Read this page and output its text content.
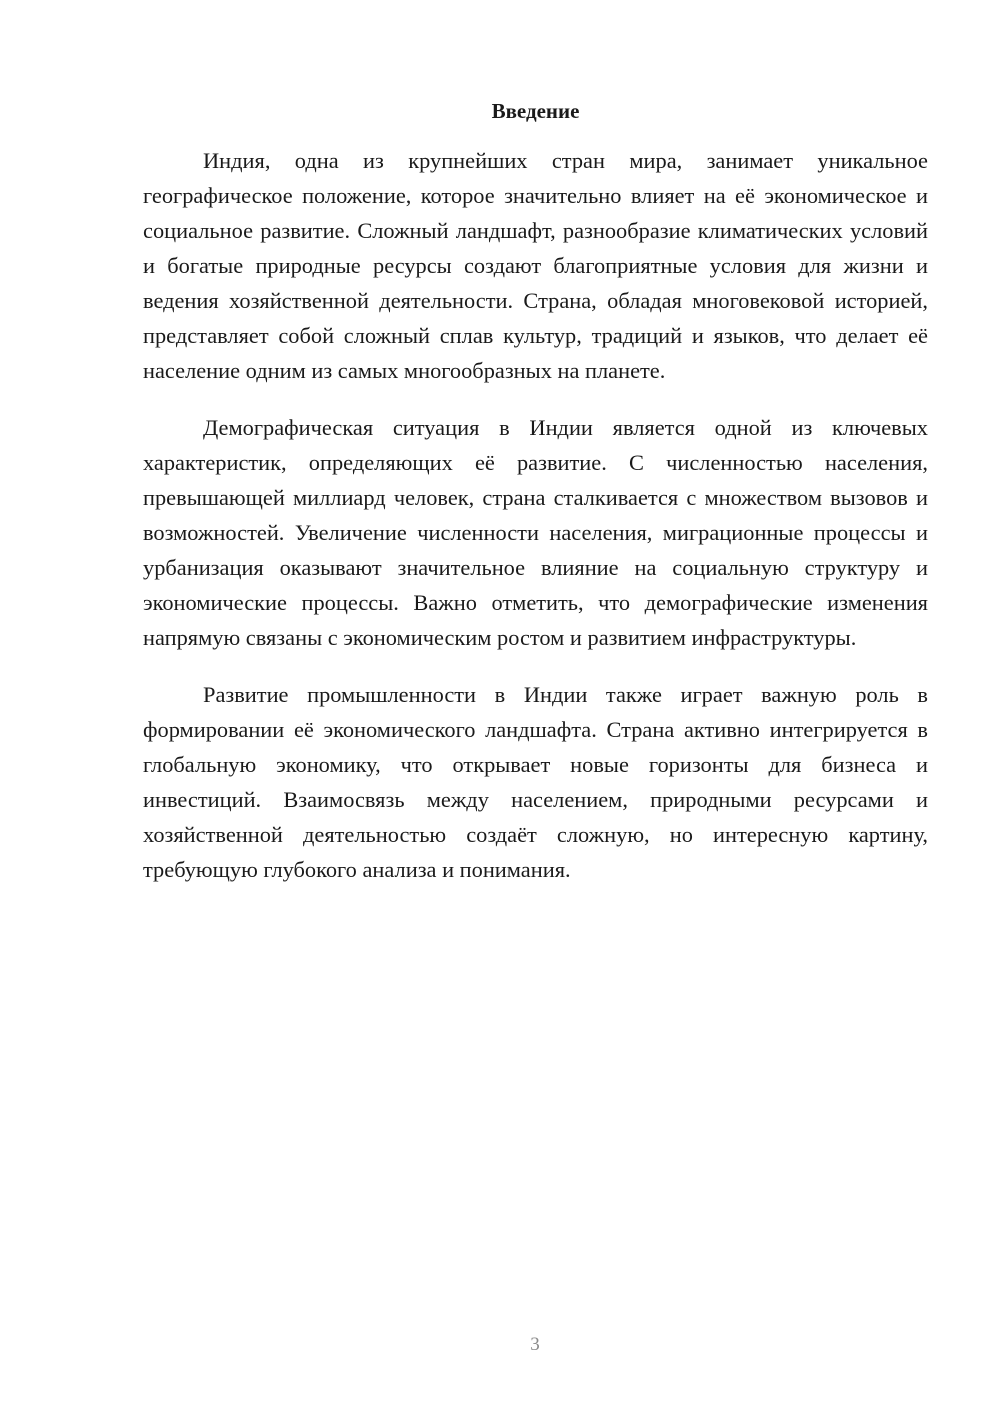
Введение

Индия, одна из крупнейших стран мира, занимает уникальное географическое положение, которое значительно влияет на её экономическое и социальное развитие. Сложный ландшафт, разнообразие климатических условий и богатые природные ресурсы создают благоприятные условия для жизни и ведения хозяйственной деятельности. Страна, обладая многовековой историей, представляет собой сложный сплав культур, традиций и языков, что делает её население одним из самых многообразных на планете.

Демографическая ситуация в Индии является одной из ключевых характеристик, определяющих её развитие. С численностью населения, превышающей миллиард человек, страна сталкивается с множеством вызовов и возможностей. Увеличение численности населения, миграционные процессы и урбанизация оказывают значительное влияние на социальную структуру и экономические процессы. Важно отметить, что демографические изменения напрямую связаны с экономическим ростом и развитием инфраструктуры.

Развитие промышленности в Индии также играет важную роль в формировании её экономического ландшафта. Страна активно интегрируется в глобальную экономику, что открывает новые горизонты для бизнеса и инвестиций. Взаимосвязь между населением, природными ресурсами и хозяйственной деятельностью создаёт сложную, но интересную картину, требующую глубокого анализа и понимания.

3
